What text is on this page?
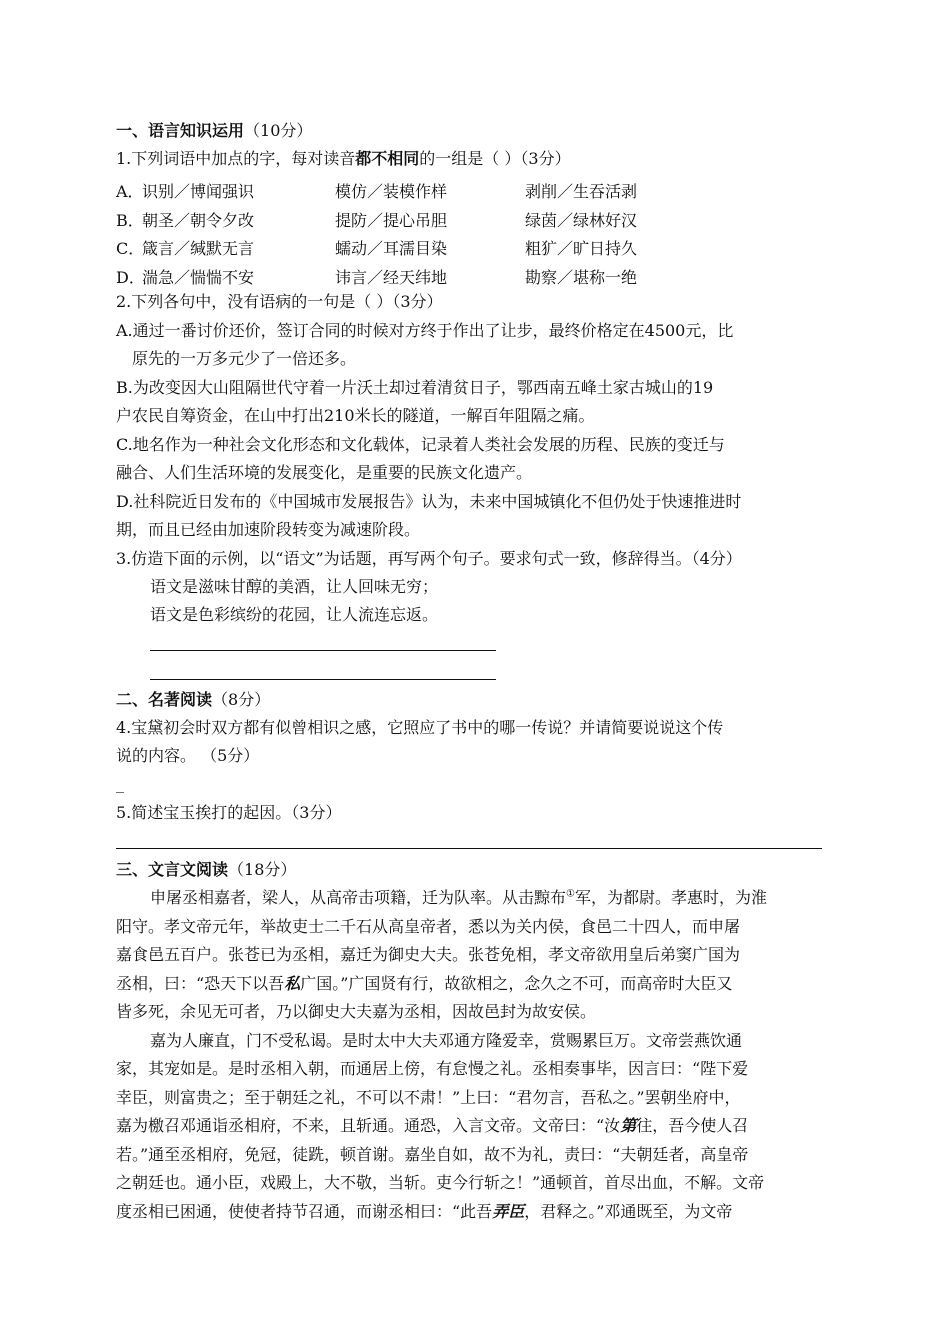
一、语言知识运用（10分）
1.下列词语中加点的字，每对读音都不相同的一组是（ ）（3分）
A．
识别／博闻强识	模仿／装模作样	剥削／生吞活剥
B．
朝圣／朝令夕改	提防／提心吊胆	绿茵／绿林好汉
C．
箴言／缄默无言	蠕动／耳濡目染	粗犷／旷日持久
D．
湍急／惴惴不安	讳言／经天纬地	勘察／堪称一绝
2.下列各句中，没有语病的一句是（ ）（3分）
A.通过一番讨价还价，签订合同的时候对方终于作出了让步，最终价格定在4500元，比
原先的一万多元少了一倍还多。
B.为改变因大山阻隔世代守着一片沃土却过着清贫日子，鄂西南五峰土家古城山的19
户农民自筹资金，在山中打出210米长的隧道，一解百年阻隔之痛。
C.地名作为一种社会文化形态和文化载体，记录着人类社会发展的历程、民族的变迁与
融合、人们生活环境的发展变化，是重要的民族文化遗产。
D.社科院近日发布的《中国城市发展报告》认为，未来中国城镇化不但仍处于快速推进时
期，而且已经由加速阶段转变为减速阶段。
3.仿造下面的示例，以“语文”为话题，再写两个句子。要求句式一致，修辞得当。（4分）
语文是滋味甘醇的美酒，让人回味无穷；
语文是色彩缤纷的花园，让人流连忘返。
二、名著阅读（8分）
4.宝黛初会时双方都有似曾相识之感，它照应了书中的哪一传说？并请简要说说这个传
说的内容。 （5分）
_
5.简述宝玉挨打的起因。（3分）
三、文言文阅读（18分）
申屠丞相嘉者，梁人，从高帝击项籍，迁为队率。从击黥布①军，为都尉。孝惠时，为淮
阳守。孝文帝元年，举故吏士二千石从高皇帝者，悉以为关内侯，食邑二十四人，而申屠
嘉食邑五百户。张苍已为丞相，嘉迁为御史大夫。张苍免相，孝文帝欲用皇后弟窦广国为
丞相，曰：“恐天下以吾私广国。”广国贤有行，故欲相之，念久之不可，而高帝时大臣又
皆多死，余见无可者，乃以御史大夫嘉为丞相，因故邑封为故安侯。
嘉为人廉直，门不受私谒。是时太中大夫邓通方隆爱幸，赏赐累巨万。文帝尝燕饮通
家，其宠如是。是时丞相入朝，而通居上傍，有怠慢之礼。丞相奏事毕，因言曰：“陛下爱
幸臣，则富贵之；至于朝廷之礼，不可以不肃！”上曰：“君勿言，吾私之。”罢朝坐府中，
嘉为檄召邓通诣丞相府，不来，且斩通。通恐，入言文帝。文帝曰：“汝第往，吾今使人召
若。”通至丞相府，免冠，徒跣，顿首谢。嘉坐自如，故不为礼，责曰：“夫朝廷者，高皇帝
之朝廷也。通小臣，戏殿上，大不敬，当斩。吏今行斩之！”通顿首，首尽出血，不解。文帝
度丞相已困通，使使者持节召通，而谢丞相曰：“此吾弄臣，君释之。”邓通既至，为文帝
